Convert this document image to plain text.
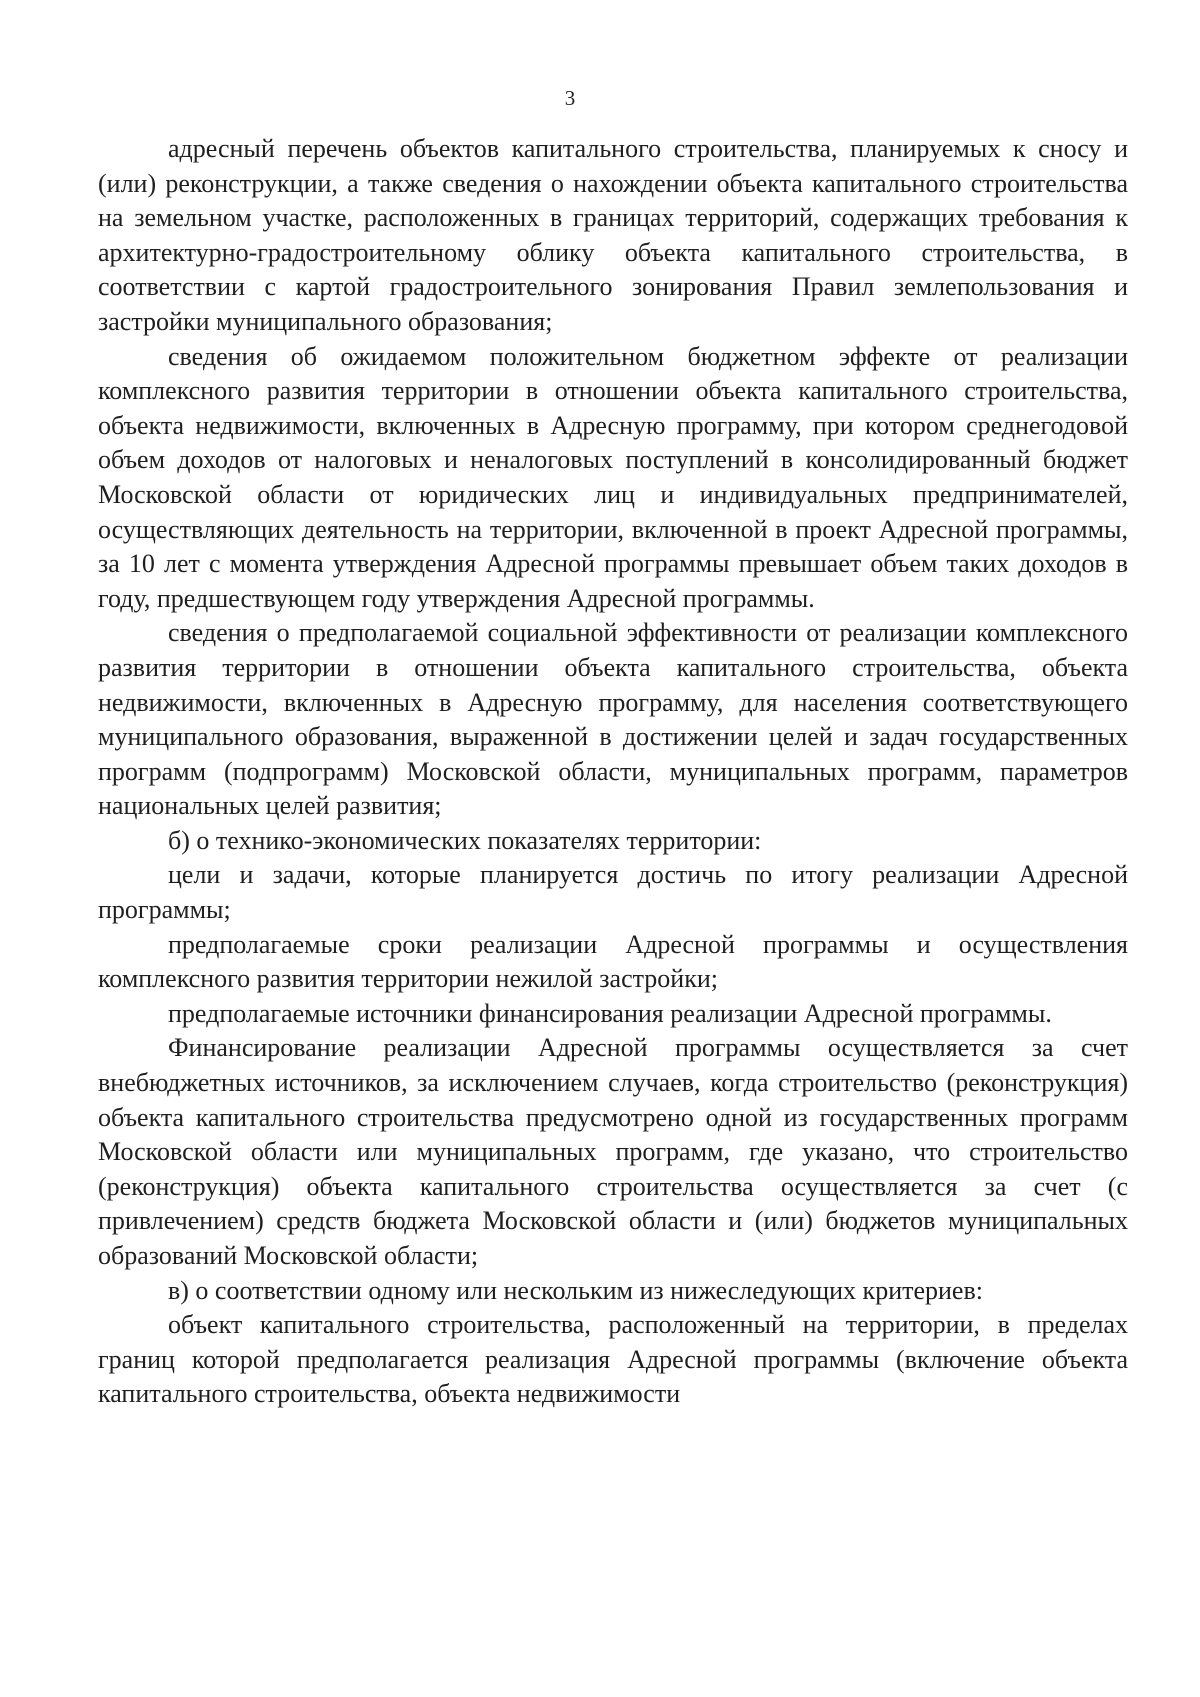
3

адресный перечень объектов капитального строительства, планируемых к сносу и (или) реконструкции, а также сведения о нахождении объекта капитального строительства на земельном участке, расположенных в границах территорий, содержащих требования к архитектурно-градостроительному облику объекта капитального строительства, в соответствии с картой градостроительного зонирования Правил землепользования и застройки муниципального образования;

сведения об ожидаемом положительном бюджетном эффекте от реализации комплексного развития территории в отношении объекта капитального строительства, объекта недвижимости, включенных в Адресную программу, при котором среднегодовой объем доходов от налоговых и неналоговых поступлений в консолидированный бюджет Московской области от юридических лиц и индивидуальных предпринимателей, осуществляющих деятельность на территории, включенной в проект Адресной программы, за 10 лет с момента утверждения Адресной программы превышает объем таких доходов в году, предшествующем году утверждения Адресной программы.

сведения о предполагаемой социальной эффективности от реализации комплексного развития территории в отношении объекта капитального строительства, объекта недвижимости, включенных в Адресную программу, для населения соответствующего муниципального образования, выраженной в достижении целей и задач государственных программ (подпрограмм) Московской области, муниципальных программ, параметров национальных целей развития;

б) о технико-экономических показателях территории:

цели и задачи, которые планируется достичь по итогу реализации Адресной программы;

предполагаемые сроки реализации Адресной программы и осуществления комплексного развития территории нежилой застройки;

предполагаемые источники финансирования реализации Адресной программы.

Финансирование реализации Адресной программы осуществляется за счет внебюджетных источников, за исключением случаев, когда строительство (реконструкция) объекта капитального строительства предусмотрено одной из государственных программ Московской области или муниципальных программ, где указано, что строительство (реконструкция) объекта капитального строительства осуществляется за счет (с привлечением) средств бюджета Московской области и (или) бюджетов муниципальных образований Московской области;

в) о соответствии одному или нескольким из нижеследующих критериев:

объект капитального строительства, расположенный на территории, в пределах границ которой предполагается реализация Адресной программы (включение объекта капитального строительства, объекта недвижимости
